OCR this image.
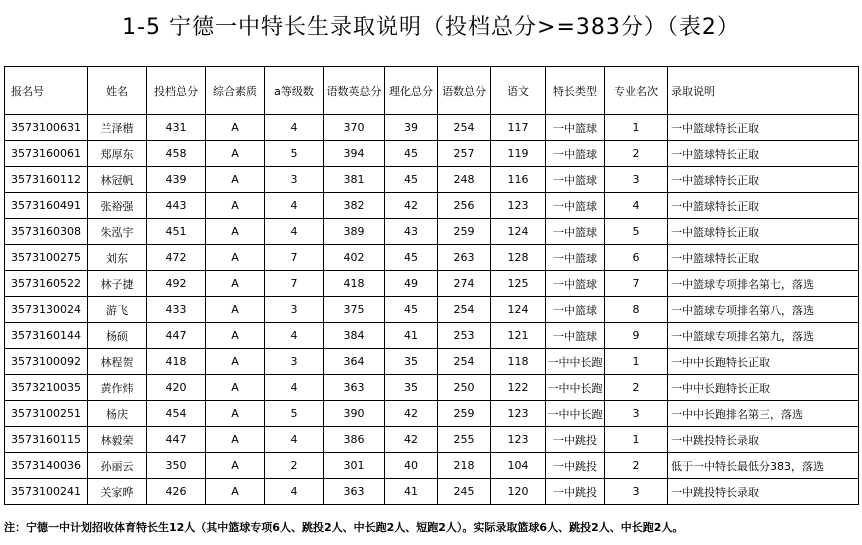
1-5 宁德一中特长生录取说明（投档总分>=383分）（表2）
报名号	姓名	投档总分	综合素质	a等级数	语数英总分	理化总分	语数总分	语文	特长类型	专业名次	录取说明
3573100631	兰泽楷	431	A	4	370	39	254	117	一中篮球	1	一中篮球特长正取
3573160061	郑厚东	458	A	5	394	45	257	119	一中篮球	2	一中篮球特长正取
3573160112	林冠帆	439	A	3	381	45	248	116	一中篮球	3	一中篮球特长正取
3573160491	张裕强	443	A	4	382	42	256	123	一中篮球	4	一中篮球特长正取
3573160308	朱泓宇	451	A	4	389	43	259	124	一中篮球	5	一中篮球特长正取
3573100275	刘东	472	A	7	402	45	263	128	一中篮球	6	一中篮球特长正取
3573160522	林子捷	492	A	7	418	49	274	125	一中篮球	7	一中篮球专项排名第七，落选
3573130024	游飞	433	A	3	375	45	254	124	一中篮球	8	一中篮球专项排名第八，落选
3573160144	杨硕	447	A	4	384	41	253	121	一中篮球	9	一中篮球专项排名第九，落选
3573100092	林程贺	418	A	3	364	35	254	118	一中中长跑	1	一中中长跑特长正取
3573210035	黄作炜	420	A	4	363	35	250	122	一中中长跑	2	一中中长跑特长正取
3573100251	杨庆	454	A	5	390	42	259	123	一中中长跑	3	一中中长跑排名第三，落选
3573160115	林毅荣	447	A	4	386	42	255	123	一中跳投	1	一中跳投特长录取
3573140036	孙丽云	350	A	2	301	40	218	104	一中跳投	2	低于一中特长最低分383，落选
3573100241	关家晔	426	A	4	363	41	245	120	一中跳投	3	一中跳投特长录取
注：宁德一中计划招收体育特长生12人（其中篮球专项6人、跳投2人、中长跑2人、短跑2人）。实际录取篮球6人、跳投2人、中长跑2人。
